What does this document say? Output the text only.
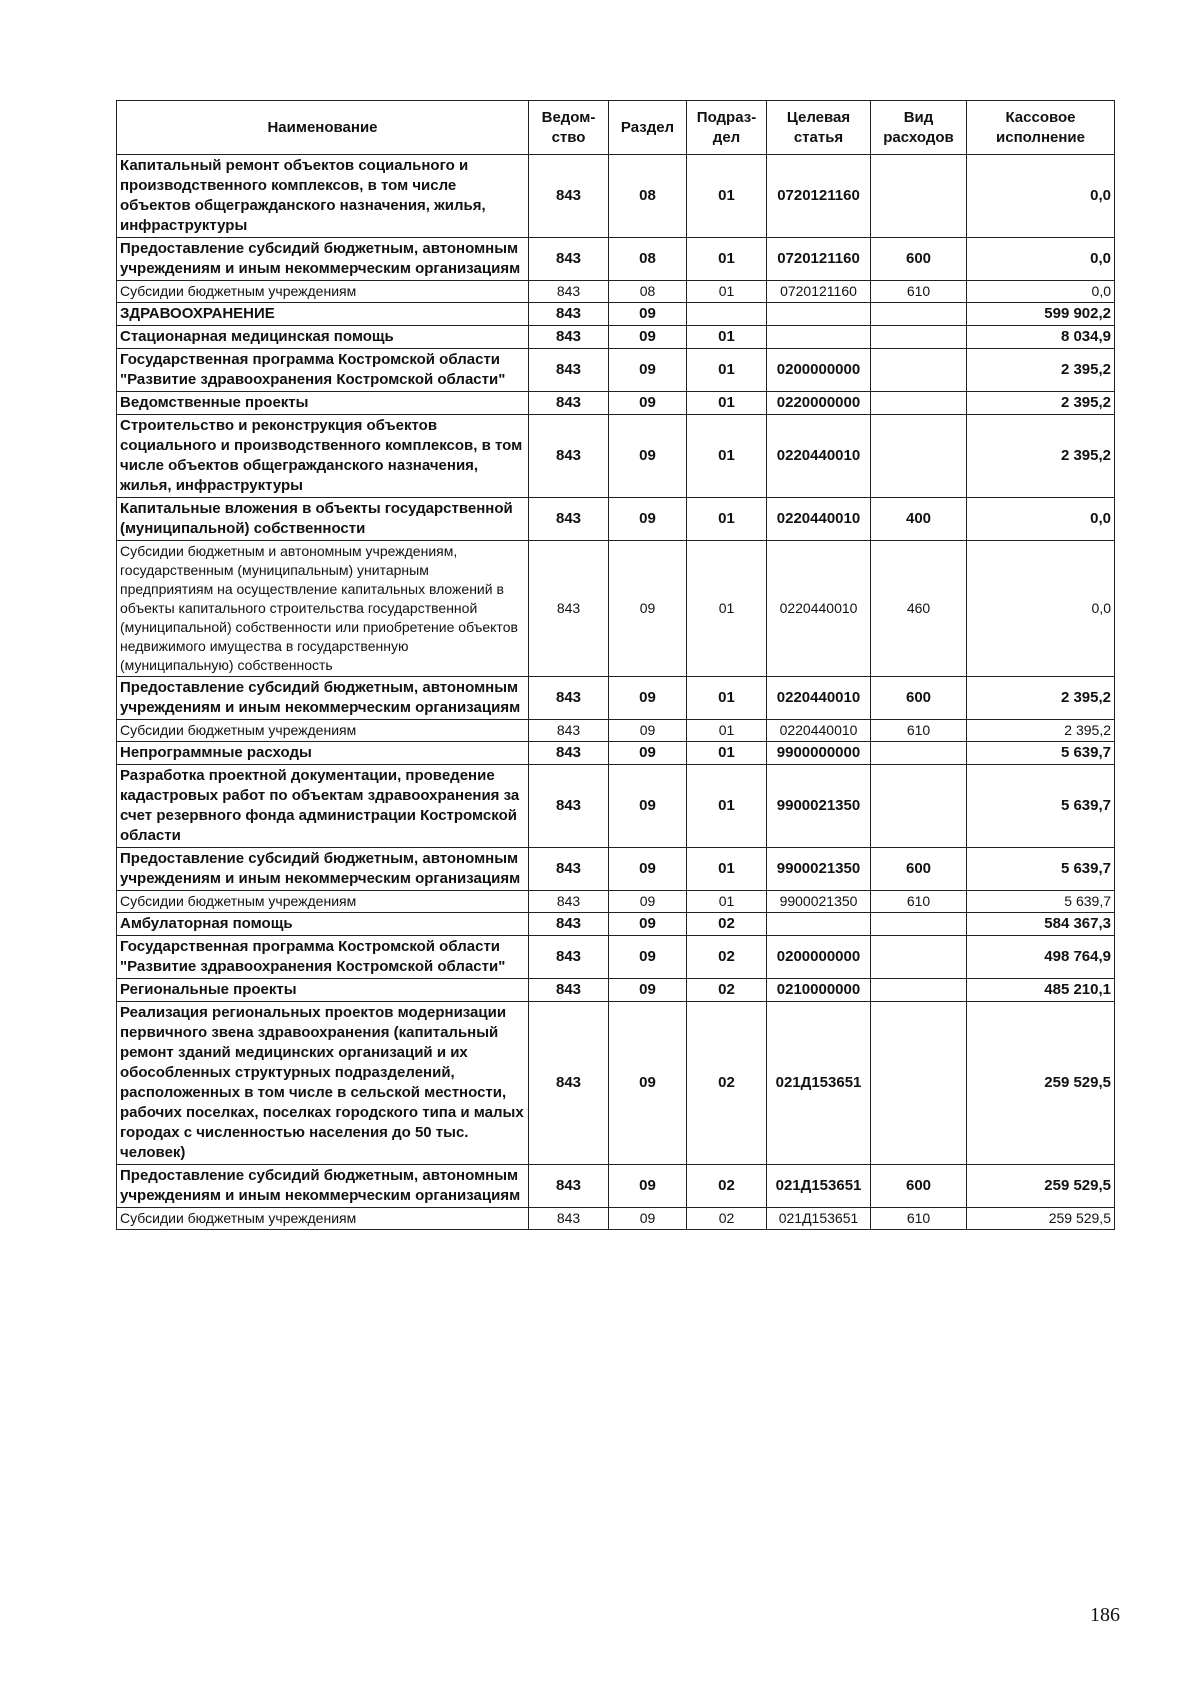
Наименование	Ведом-ство	Раздел	Подраз-дел	Целевая статья	Вид расходов	Кассовое исполнение
Капитальный ремонт объектов социального и производственного комплексов, в том числе объектов общегражданского назначения, жилья, инфраструктуры	843	08	01	0720121160		0,0
Предоставление субсидий бюджетным, автономным учреждениям и иным некоммерческим организациям	843	08	01	0720121160	600	0,0
Субсидии бюджетным учреждениям	843	08	01	0720121160	610	0,0
ЗДРАВООХРАНЕНИЕ	843	09				599 902,2
Стационарная медицинская помощь	843	09	01			8 034,9
Государственная программа Костромской области "Развитие здравоохранения Костромской области"	843	09	01	0200000000		2 395,2
Ведомственные проекты	843	09	01	0220000000		2 395,2
Строительство и реконструкция объектов социального и производственного комплексов, в том числе объектов общегражданского назначения, жилья, инфраструктуры	843	09	01	0220440010		2 395,2
Капитальные вложения в объекты государственной (муниципальной) собственности	843	09	01	0220440010	400	0,0
Субсидии бюджетным и автономным учреждениям, государственным (муниципальным) унитарным предприятиям на осуществление капитальных вложений в объекты капитального строительства государственной (муниципальной) собственности или приобретение объектов недвижимого имущества в государственную (муниципальную) собственность	843	09	01	0220440010	460	0,0
Предоставление субсидий бюджетным, автономным учреждениям и иным некоммерческим организациям	843	09	01	0220440010	600	2 395,2
Субсидии бюджетным учреждениям	843	09	01	0220440010	610	2 395,2
Непрограммные расходы	843	09	01	9900000000		5 639,7
Разработка проектной документации, проведение кадастровых работ по объектам здравоохранения за счет резервного фонда администрации Костромской области	843	09	01	9900021350		5 639,7
Предоставление субсидий бюджетным, автономным учреждениям и иным некоммерческим организациям	843	09	01	9900021350	600	5 639,7
Субсидии бюджетным учреждениям	843	09	01	9900021350	610	5 639,7
Амбулаторная помощь	843	09	02			584 367,3
Государственная программа Костромской области "Развитие здравоохранения Костромской области"	843	09	02	0200000000		498 764,9
Региональные проекты	843	09	02	0210000000		485 210,1
Реализация региональных проектов модернизации первичного звена здравоохранения (капитальный ремонт зданий медицинских организаций и их обособленных структурных подразделений, расположенных в том числе в сельской местности, рабочих поселках, поселках городского типа и малых городах с численностью населения до 50 тыс. человек)	843	09	02	021Д153651		259 529,5
Предоставление субсидий бюджетным, автономным учреждениям и иным некоммерческим организациям	843	09	02	021Д153651	600	259 529,5
Субсидии бюджетным учреждениям	843	09	02	021Д153651	610	259 529,5
186
